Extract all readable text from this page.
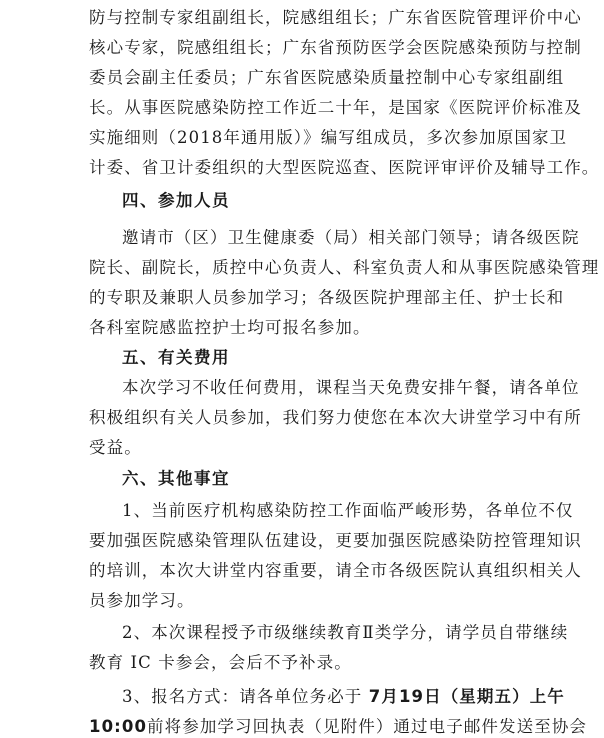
防与控制专家组副组长，院感组组长；广东省医院管理评价中心
核心专家，院感组组长；广东省预防医学会医院感染预防与控制
委员会副主任委员；广东省医院感染质量控制中心专家组副组
长。从事医院感染防控工作近二十年，是国家《医院评价标准及
实施细则（2018年通用版）》编写组成员，多次参加原国家卫
计委、省卫计委组织的大型医院巡查、医院评审评价及辅导工作。
四、参加人员
邀请市（区）卫生健康委（局）相关部门领导；请各级医院
院长、副院长，质控中心负责人、科室负责人和从事医院感染管理
的专职及兼职人员参加学习；各级医院护理部主任、护士长和
各科室院感监控护士均可报名参加。
五、有关费用
本次学习不收任何费用，课程当天免费安排午餐，请各单位
积极组织有关人员参加，我们努力使您在本次大讲堂学习中有所
受益。
六、其他事宜
1、当前医疗机构感染防控工作面临严峻形势，各单位不仅
要加强医院感染管理队伍建设，更要加强医院感染防控管理知识
的培训，本次大讲堂内容重要，请全市各级医院认真组织相关人
员参加学习。
2、本次课程授予市级继续教育Ⅱ类学分，请学员自带继续
教育 IC 卡参会，会后不予补录。
3、报名方式：请各单位务必于 7月19日（星期五）上午
10:00前将参加学习回执表（见附件）通过电子邮件发送至协会
